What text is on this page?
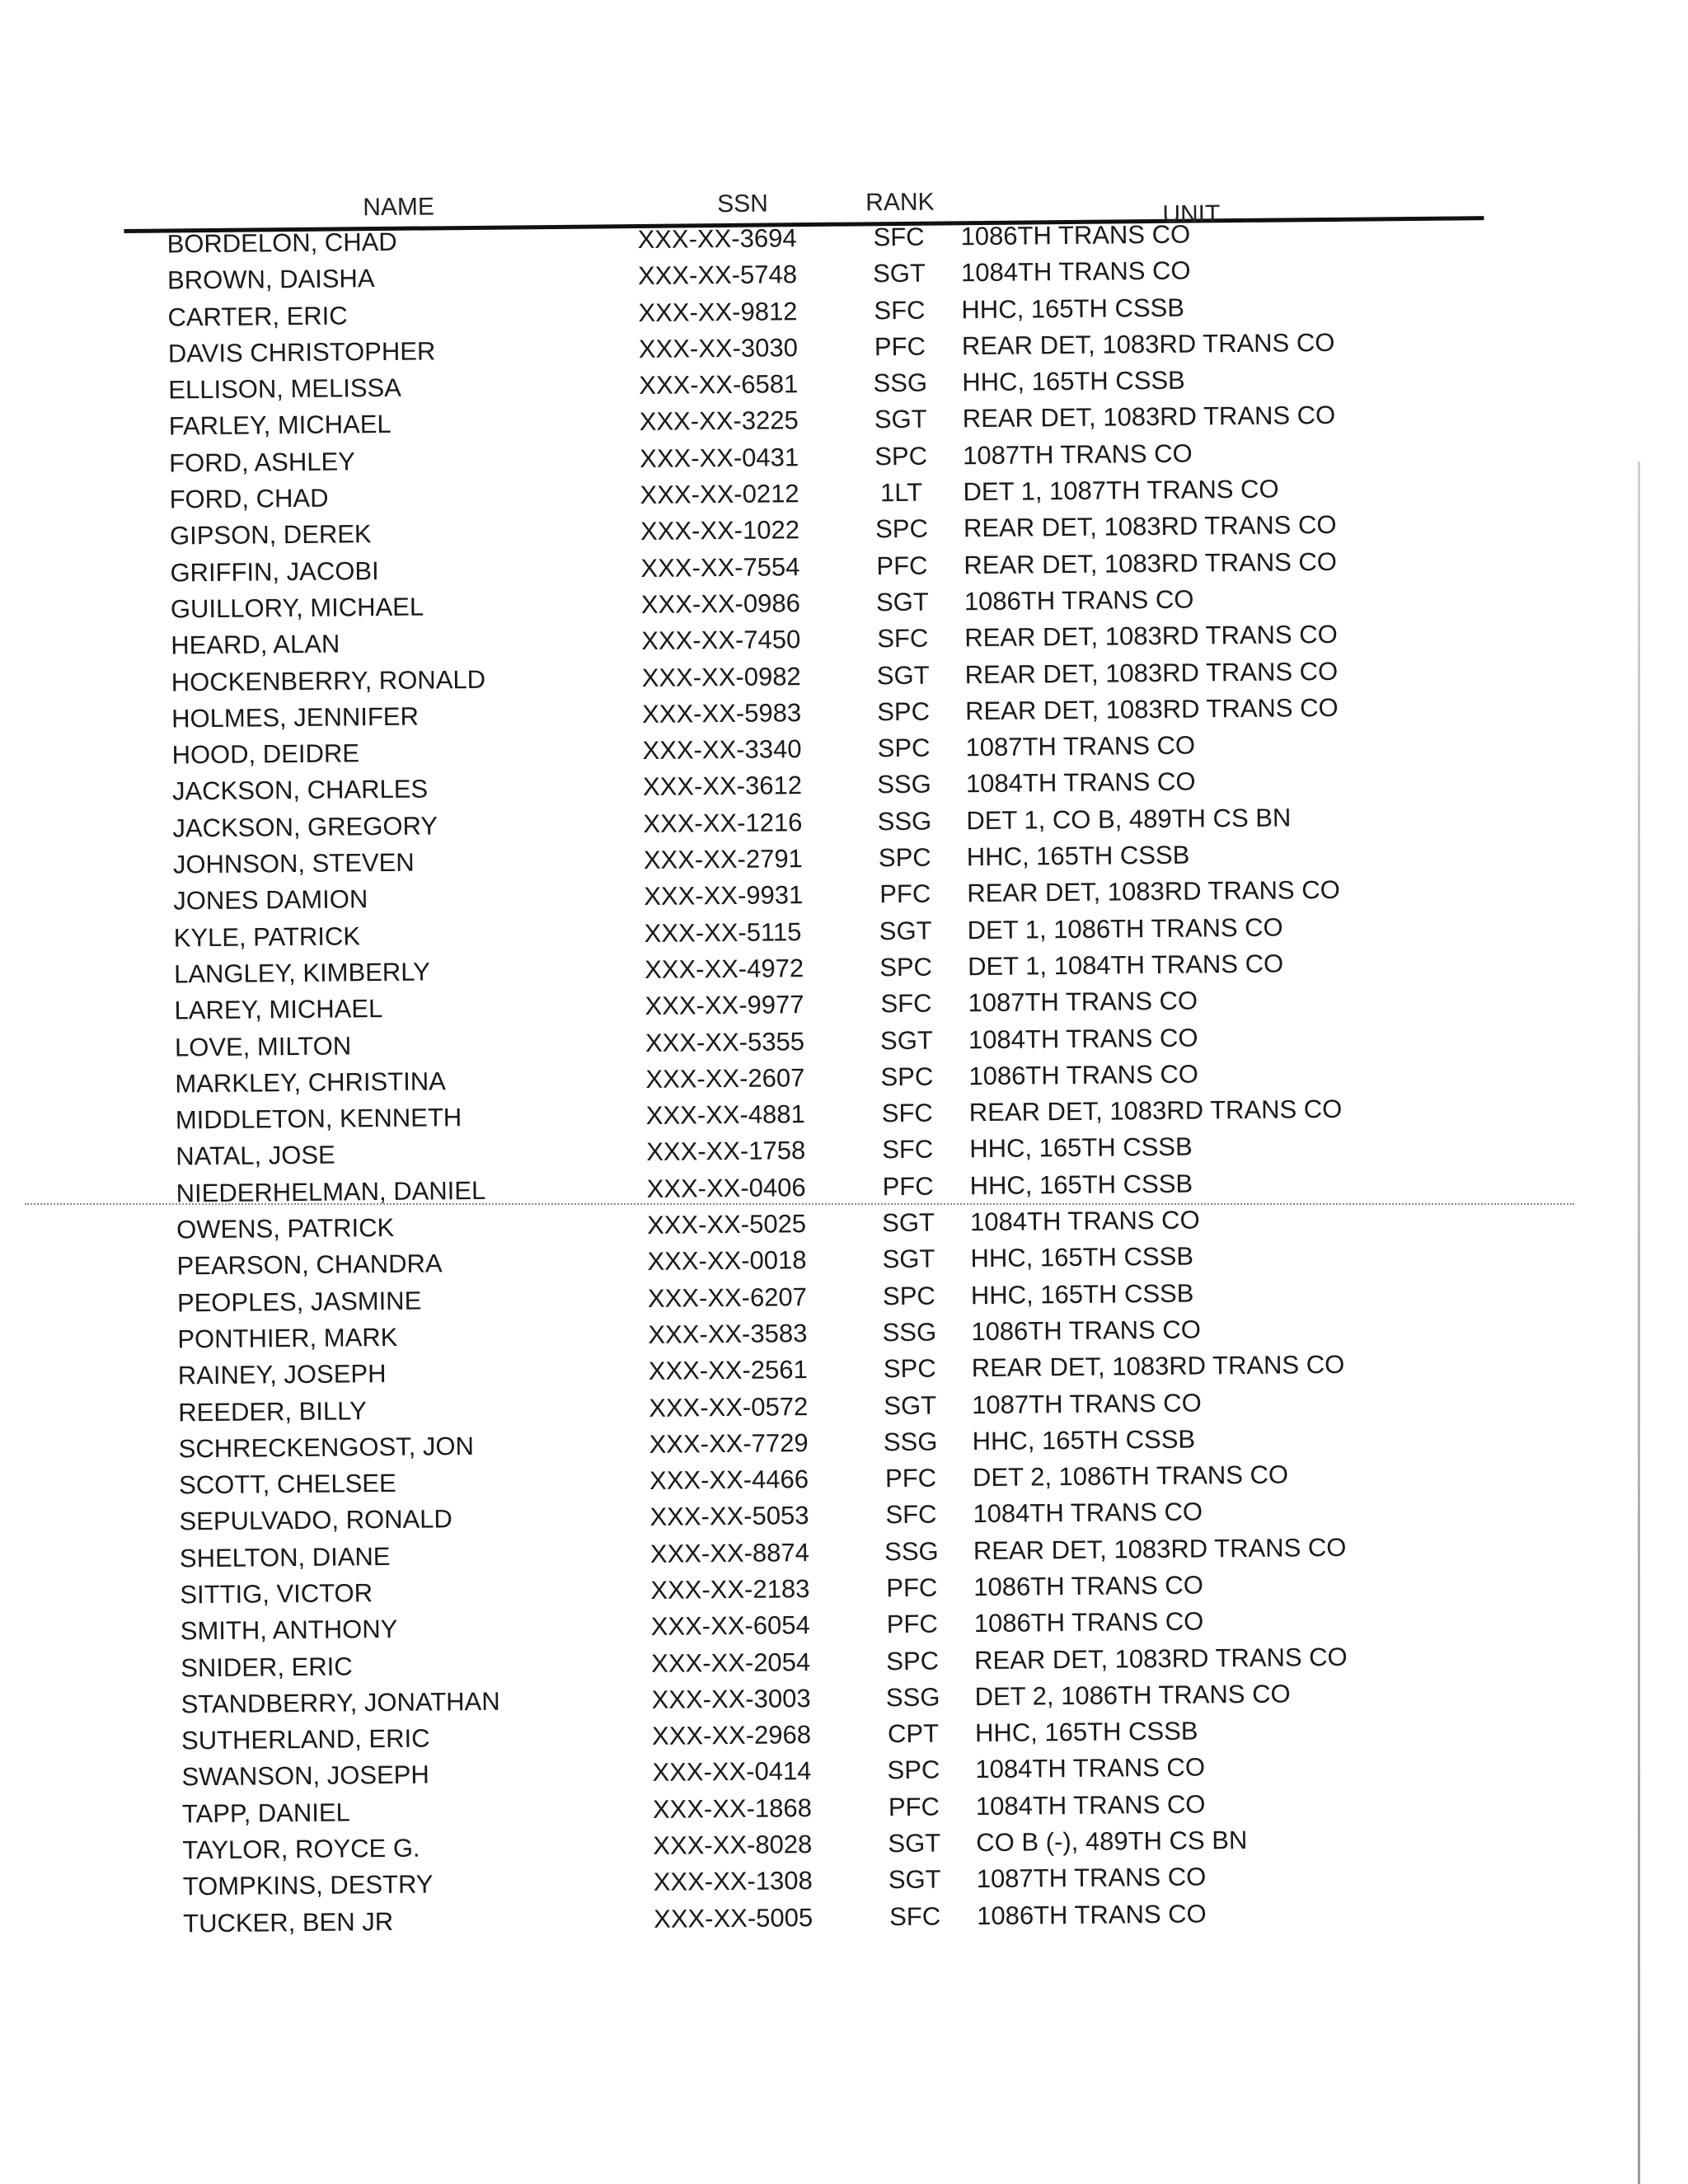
NAME	SSN	RANK	UNIT
BORDELON, CHAD	XXX-XX-3694	SFC 1086TH TRANS CO
BROWN, DAISHA	XXX-XX-5748	SGT 1084TH TRANS CO
CARTER, ERIC	XXX-XX-9812	SFC HHC, 165TH CSSB
DAVIS CHRISTOPHER	XXX-XX-3030	PFC REAR DET, 1083RD TRANS CO
ELLISON, MELISSA	XXX-XX-6581	SSG HHC, 165TH CSSB
FARLEY, MICHAEL	XXX-XX-3225	SGT REAR DET, 1083RD TRANS CO
FORD, ASHLEY	XXX-XX-0431	SPC 1087TH TRANS CO
FORD, CHAD	XXX-XX-0212	1LT	DET 1, 1087TH TRANS CO
GIPSON, DEREK	XXX-XX-1022	SPC REAR DET, 1083RD TRANS CO
GRIFFIN, JACOBI	XXX-XX-7554	PFC REAR DET, 1083RD TRANS CO
GUILLORY, MICHAEL	XXX-XX-0986	SGT 1086TH TRANS CO
HEARD, ALAN	XXX-XX-7450	SFC REAR DET, 1083RD TRANS CO
HOCKENBERRY, RONALD	XXX-XX-0982	SGT REAR DET, 1083RD TRANS CO
HOLMES, JENNIFER	XXX-XX-5983	SPC REAR DET, 1083RD TRANS CO
HOOD, DEIDRE	XXX-XX-3340	SPC 1087TH TRANS CO
JACKSON, CHARLES	XXX-XX-3612	SSG 1084TH TRANS CO
JACKSON, GREGORY	XXX-XX-1216	SSG DET 1, CO B, 489TH CS BN
JOHNSON, STEVEN	XXX-XX-2791	SPC HHC, 165TH CSSB
JONES DAMION	XXX-XX-9931	PFC REAR DET, 1083RD TRANS CO
KYLE, PATRICK	XXX-XX-5115	SGT DET 1, 1086TH TRANS CO
LANGLEY, KIMBERLY	XXX-XX-4972	SPC DET 1, 1084TH TRANS CO
LAREY, MICHAEL	XXX-XX-9977	SFC 1087TH TRANS CO
LOVE, MILTON	XXX-XX-5355	SGT 1084TH TRANS CO
MARKLEY, CHRISTINA	XXX-XX-2607	SPC 1086TH TRANS CO
MIDDLETON, KENNETH	XXX-XX-4881	SFC REAR DET, 1083RD TRANS CO
NATAL, JOSE	XXX-XX-1758	SFC HHC, 165TH CSSB
NIEDERHELMAN, DANIEL	XXX-XX-0406	PFC HHC, 165TH CSSB
OWENS, PATRICK	XXX-XX-5025	SGT 1084TH TRANS CO
PEARSON, CHANDRA	XXX-XX-0018	SGT HHC, 165TH CSSB
PEOPLES, JASMINE	XXX-XX-6207	SPC HHC, 165TH CSSB
PONTHIER, MARK	XXX-XX-3583	SSG 1086TH TRANS CO
RAINEY, JOSEPH	XXX-XX-2561	SPC REAR DET, 1083RD TRANS CO
REEDER, BILLY	XXX-XX-0572	SGT 1087TH TRANS CO
SCHRECKENGOST, JON	XXX-XX-7729	SSG HHC, 165TH CSSB
SCOTT, CHELSEE	XXX-XX-4466	PFC DET 2, 1086TH TRANS CO
SEPULVADO, RONALD	XXX-XX-5053	SFC 1084TH TRANS CO
SHELTON, DIANE	XXX-XX-8874	SSG REAR DET, 1083RD TRANS CO
SITTIG, VICTOR	XXX-XX-2183	PFC 1086TH TRANS CO
SMITH, ANTHONY	XXX-XX-6054	PFC 1086TH TRANS CO
SNIDER, ERIC	XXX-XX-2054	SPC REAR DET, 1083RD TRANS CO
STANDBERRY, JONATHAN	XXX-XX-3003	SSG DET 2, 1086TH TRANS CO
SUTHERLAND, ERIC	XXX-XX-2968	CPT HHC, 165TH CSSB
SWANSON, JOSEPH	XXX-XX-0414	SPC 1084TH TRANS CO
TAPP, DANIEL	XXX-XX-1868	PFC 1084TH TRANS CO
TAYLOR, ROYCE G.	XXX-XX-8028	SGT CO B (-), 489TH CS BN
TOMPKINS, DESTRY	XXX-XX-1308	SGT 1087TH TRANS CO
TUCKER, BEN JR	XXX-XX-5005	SFC 1086TH TRANS CO
